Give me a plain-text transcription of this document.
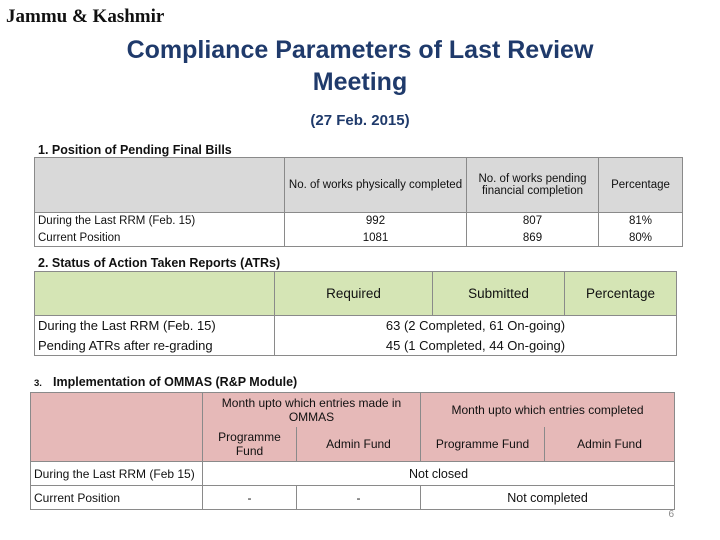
Jammu & Kashmir
Compliance Parameters of Last Review
Meeting
(27 Feb. 2015)
1. Position of Pending Final Bills
	No. of works physically completed	No. of works pending financial completion	Percentage
During the Last RRM (Feb. 15)	992	807	81%
Current Position	1081	869	80%
2. Status of Action Taken Reports (ATRs)
	Required	Submitted	Percentage
During the Last RRM (Feb. 15)	63 (2 Completed, 61 On-going)		
Pending ATRs after re-grading	45 (1 Completed, 44 On-going)		
3. Implementation of OMMAS (R&P Module)
	Month upto which entries made in OMMAS		Month upto which entries completed	
	Programme Fund	Admin Fund	Programme Fund	Admin Fund
During the Last RRM (Feb 15)	Not closed			
Current Position	-	-	Not completed	
6
